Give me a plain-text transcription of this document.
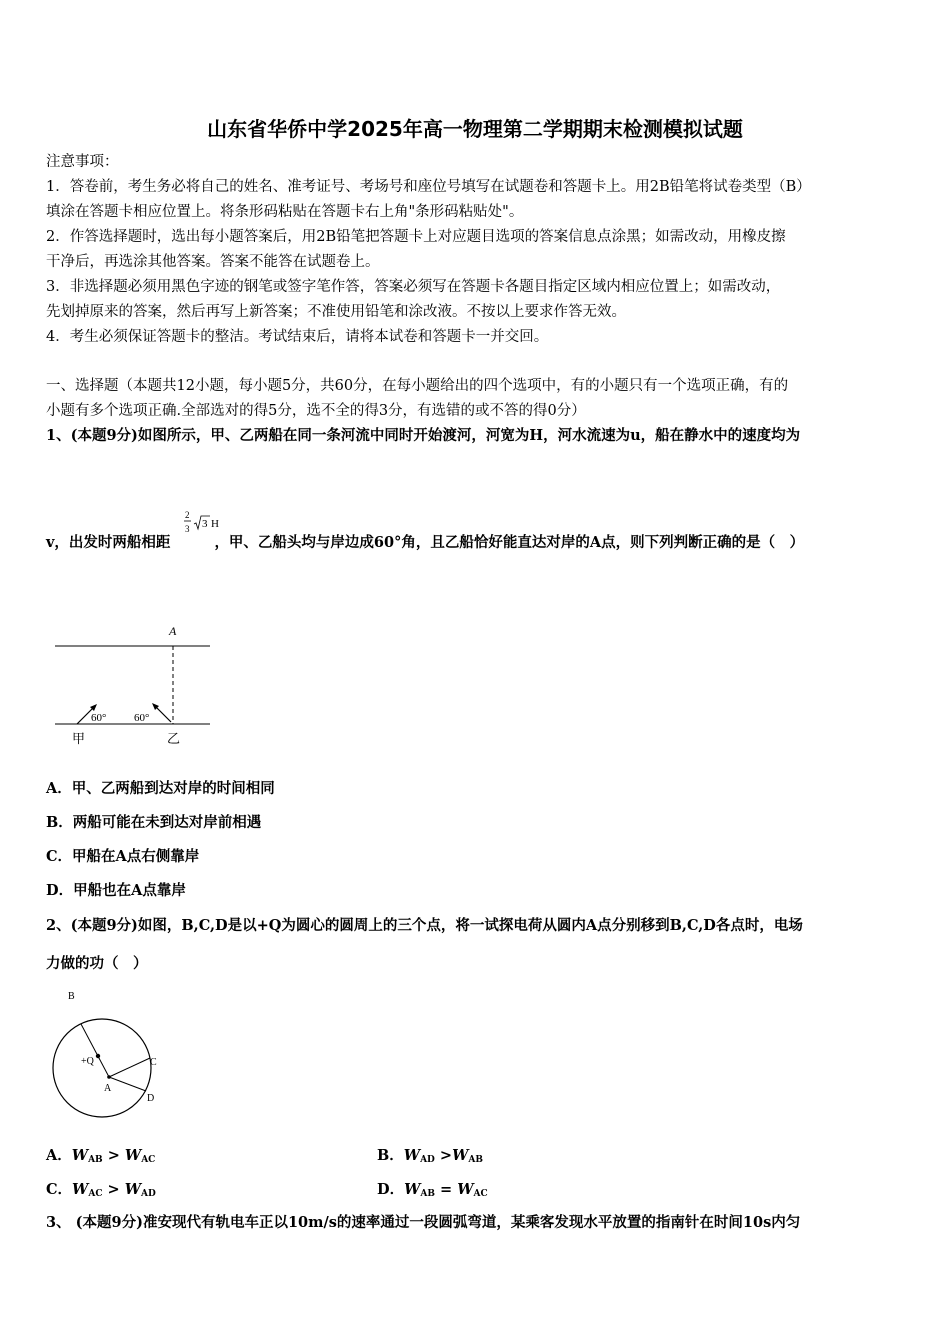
山东省华侨中学2025年高一物理第二学期期末检测模拟试题
注意事项：
1．答卷前，考生务必将自己的姓名、准考证号、考场号和座位号填写在试题卷和答题卡上。用2B铅笔将试卷类型（B）
填涂在答题卡相应位置上。将条形码粘贴在答题卡右上角"条形码粘贴处"。
2．作答选择题时，选出每小题答案后，用2B铅笔把答题卡上对应题目选项的答案信息点涂黑；如需改动，用橡皮擦
干净后，再选涂其他答案。答案不能答在试题卷上。
3．非选择题必须用黑色字迹的钢笔或签字笔作答，答案必须写在答题卡各题目指定区域内相应位置上；如需改动，
先划掉原来的答案，然后再写上新答案；不准使用铅笔和涂改液。不按以上要求作答无效。
4．考生必须保证答题卡的整洁。考试结束后，请将本试卷和答题卡一并交回。
一、选择题（本题共12小题，每小题5分，共60分，在每小题给出的四个选项中，有的小题只有一个选项正确，有的
小题有多个选项正确.全部选对的得5分，选不全的得3分，有选错的或不答的得0分）
1、(本题9分)如图所示，甲、乙两船在同一条河流中同时开始渡河，河宽为H，河水流速为u，船在静水中的速度均为
v，出发时两船相距	，甲、乙船头均与岸边成60°角，且乙船恰好能直达对岸的A点，则下列判断正确的是（　）
2
3 3 H
A
60°	60°
甲	乙
A．甲、乙两船到达对岸的时间相同
B．两船可能在未到达对岸前相遇
C．甲船在A点右侧靠岸
D．甲船也在A点靠岸
2、(本题9分)如图，B,C,D是以+Q为圆心的圆周上的三个点，将一试探电荷从圆内A点分别移到B,C,D各点时，电场
力做的功（　）
B
C
D
A
+Q
A．$W_{AB} > W_{AC}$	B．$W_{AD} >W_{AB}$
C．$W_{AC} > W_{AD}$	D．$W_{AB} = W_{AC}$
3、 (本题9分)准安现代有轨电车正以10m/s的速率通过一段圆弧弯道，某乘客发现水平放置的指南针在时间10s内匀
